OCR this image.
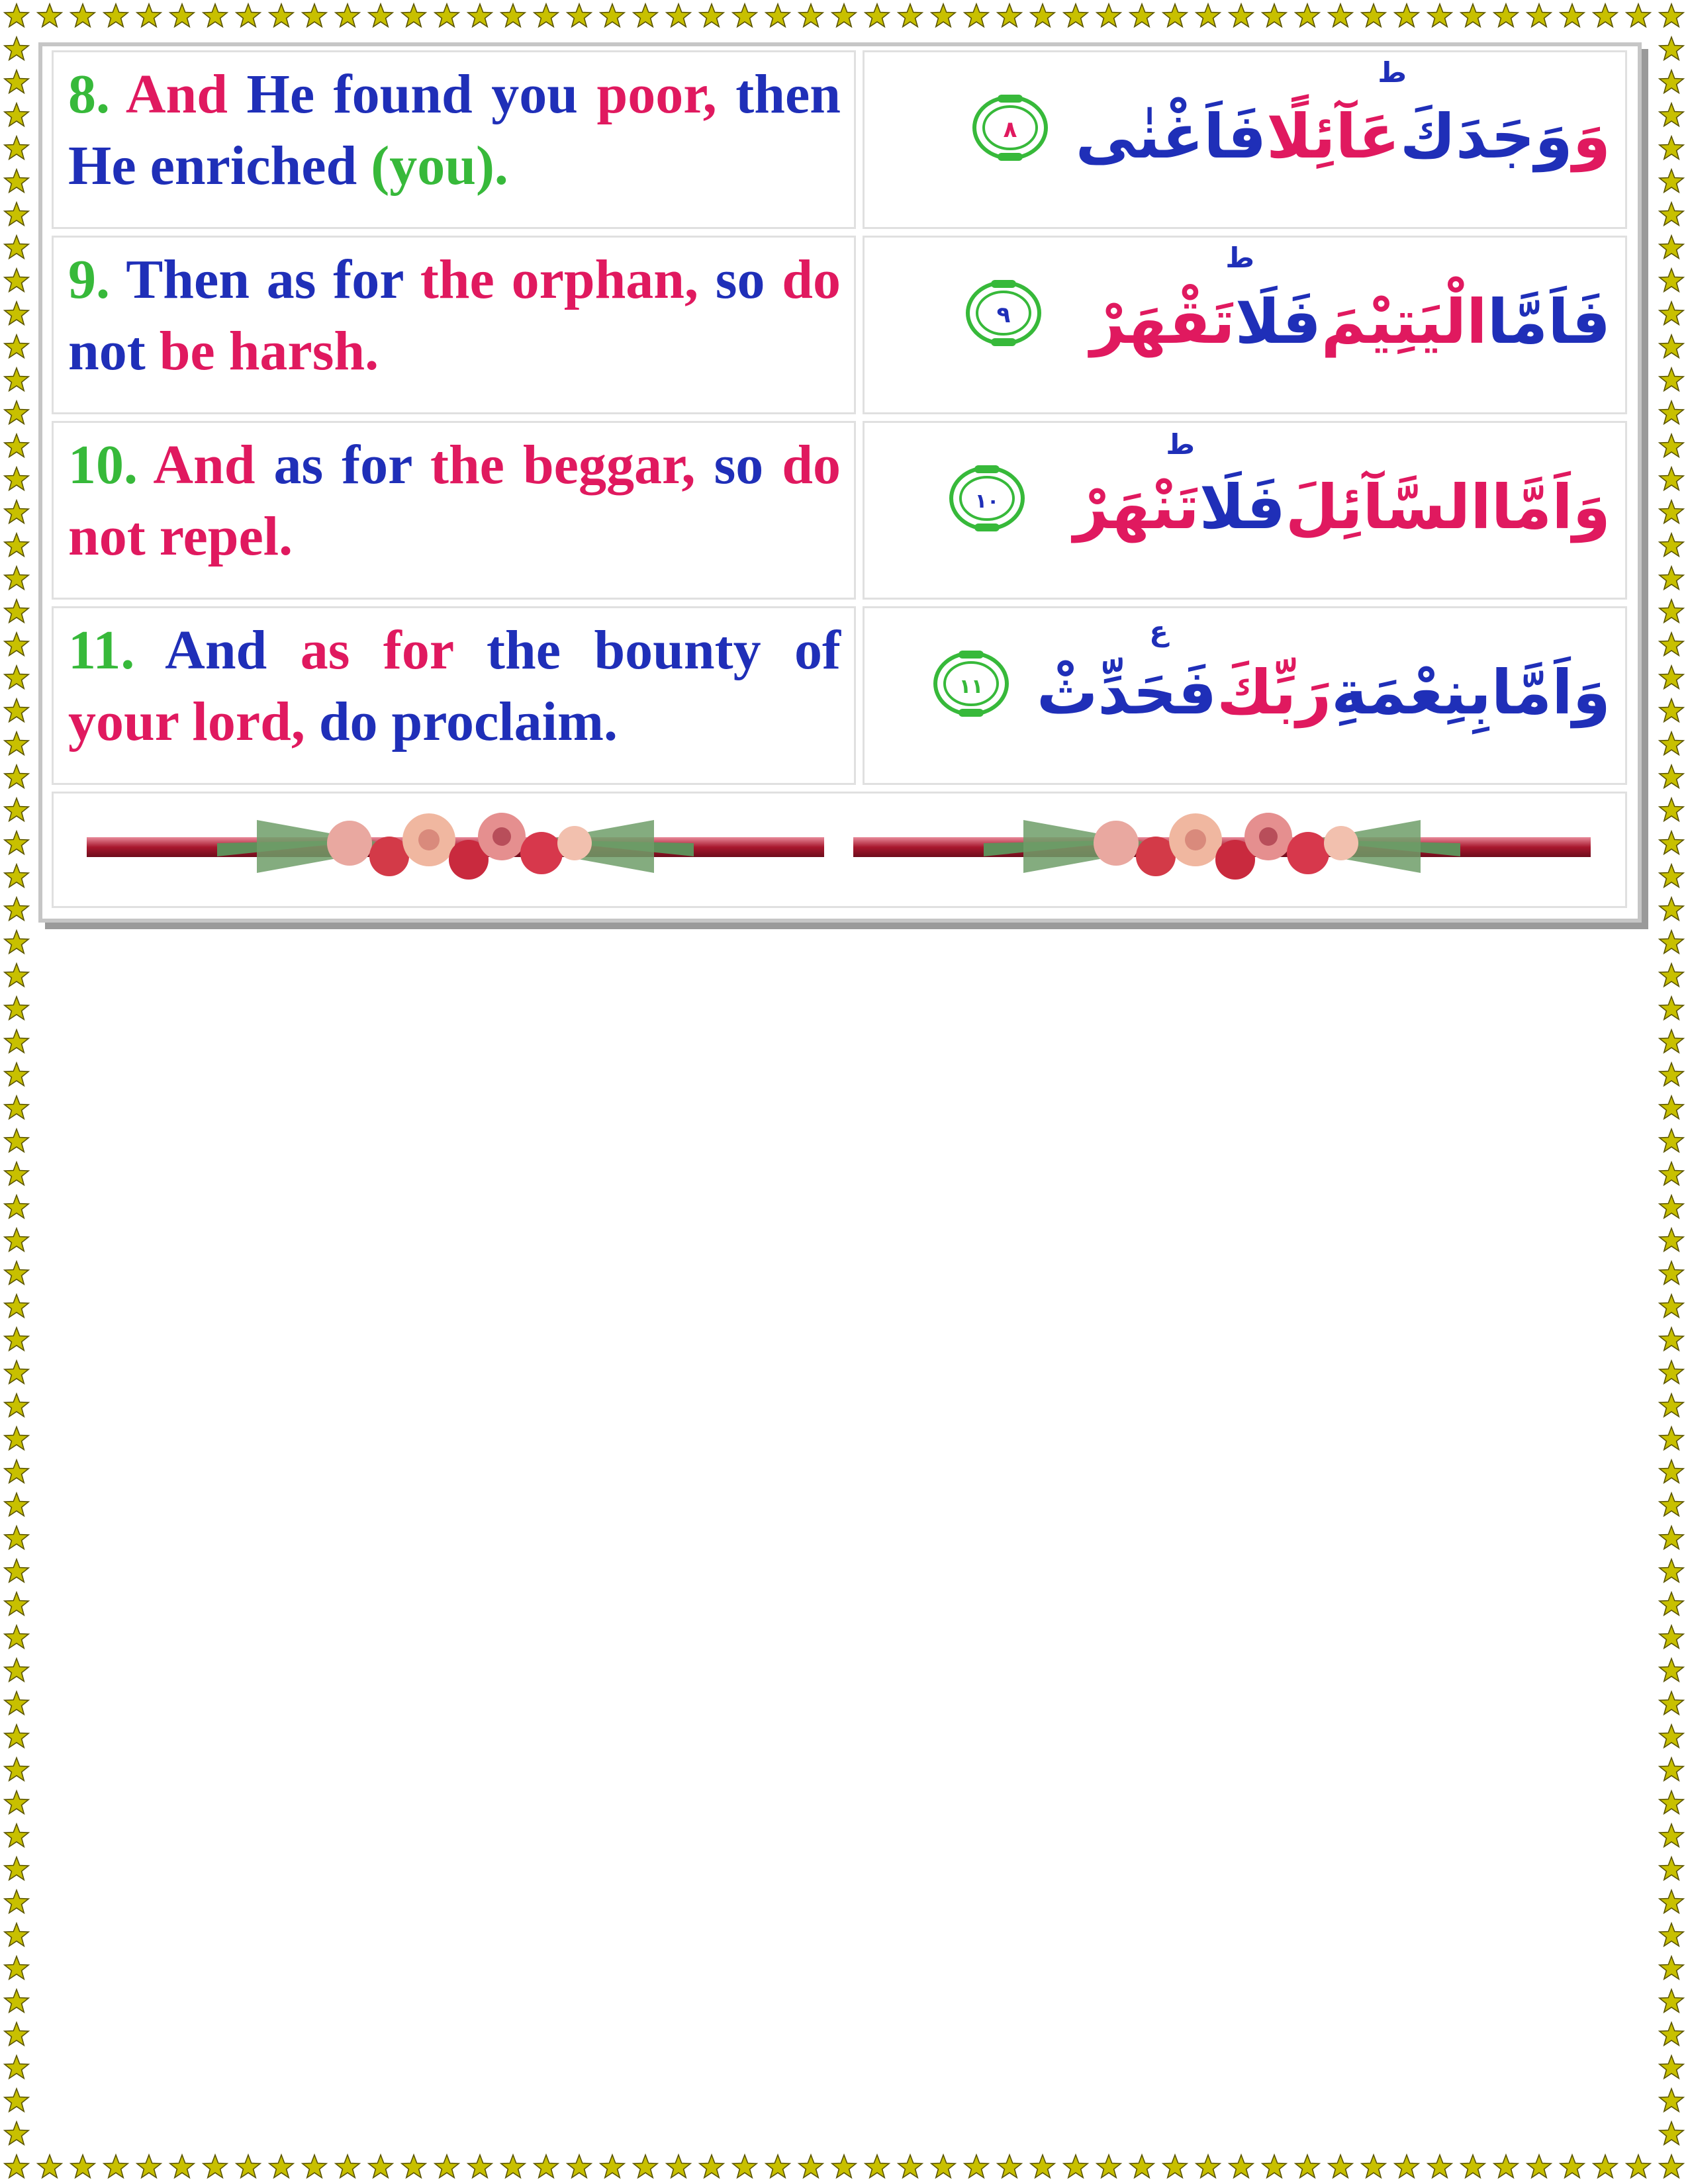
8. And He found you poor, then He enriched (you).

ط
وَوَجَدَكَعَآئِلًافَاَغْنٰى
٨

9. Then as for the orphan, so do not be harsh.

ط
فَاَمَّاالْيَتِيْمَفَلَاتَقْهَرْ
٩

10. And as for the beggar, so do not repel.

ط
وَاَمَّاالسَّآئِلَفَلَاتَنْهَرْ
١٠

11. And as for the bounty of your lord, do proclaim.

ع
وَاَمَّابِنِعْمَةِرَبِّكَفَحَدِّثْ
١١
